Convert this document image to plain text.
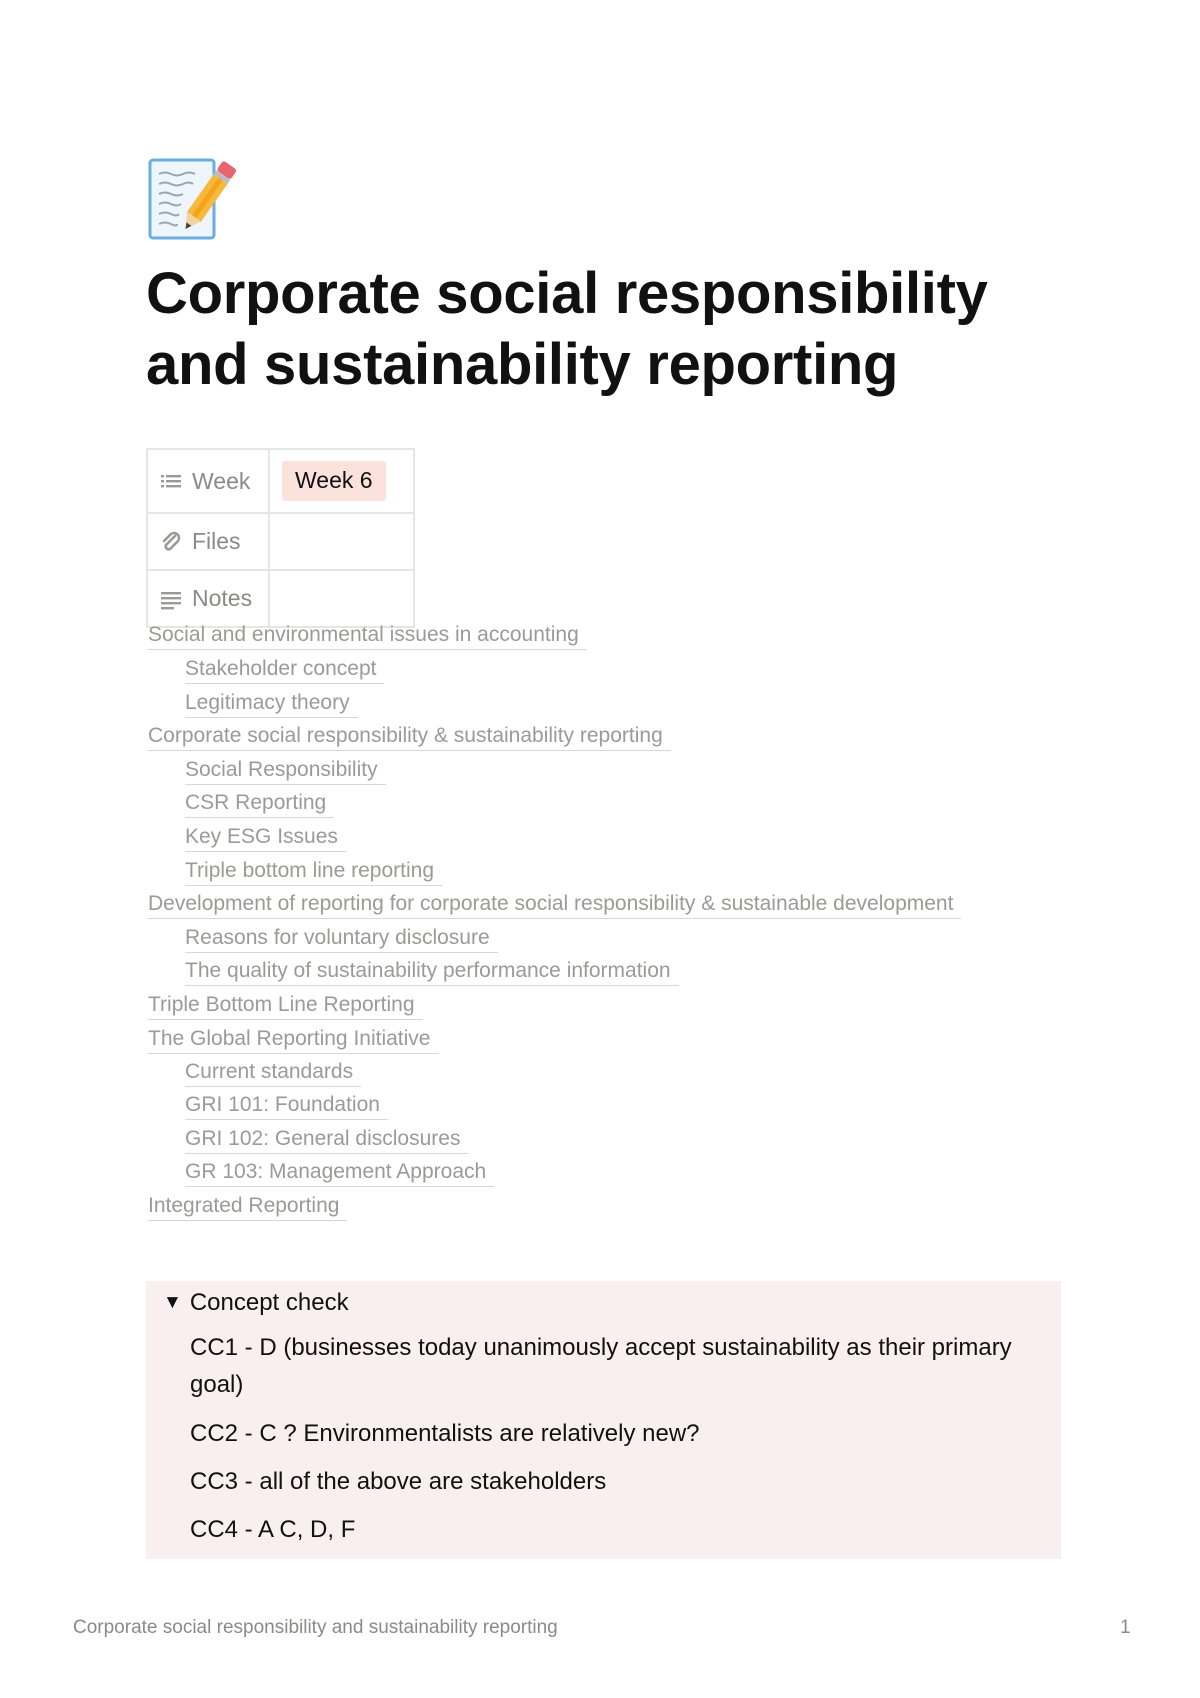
Corporate social responsibility and sustainability reporting
Week	Week 6

Files	

Notes	

Social and environmental issues in accounting
Stakeholder concept
Legitimacy theory
Corporate social responsibility & sustainability reporting
Social Responsibility
CSR Reporting
Key ESG Issues
Triple bottom line reporting
Development of reporting for corporate social responsibility & sustainable development
Reasons for voluntary disclosure
The quality of sustainability performance information
Triple Bottom Line Reporting
The Global Reporting Initiative
Current standards
GRI 101: Foundation
GRI 102: General disclosures
GR 103: Management Approach
Integrated Reporting
▼ Concept check
CC1 - D (businesses today unanimously accept sustainability as their primary goal)
CC2 - C ? Environmentalists are relatively new?
CC3 - all of the above are stakeholders
CC4 - A C, D, F
Corporate social responsibility and sustainability reporting	1
